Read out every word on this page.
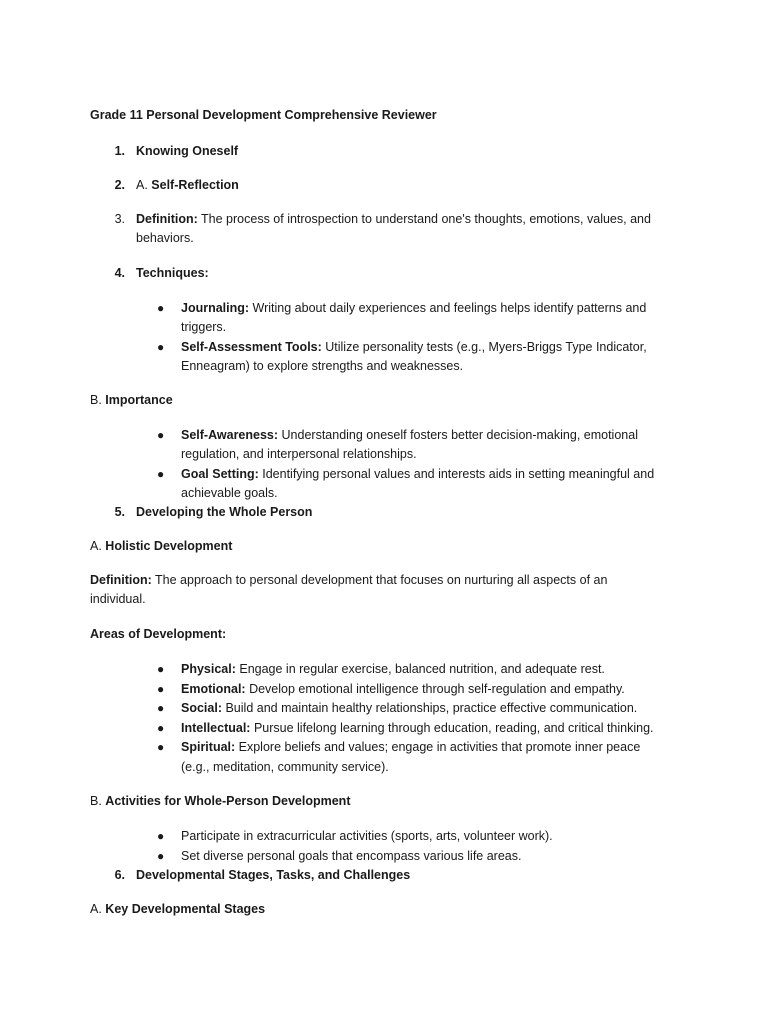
Grade 11 Personal Development Comprehensive Reviewer
1. Knowing Oneself
2. A. Self-Reflection
3. Definition: The process of introspection to understand one's thoughts, emotions, values, and
behaviors.
4. Techniques:
● Journaling: Writing about daily experiences and feelings helps identify patterns and
triggers.
● Self-Assessment Tools: Utilize personality tests (e.g., Myers-Briggs Type Indicator,
Enneagram) to explore strengths and weaknesses.
B. Importance
● Self-Awareness: Understanding oneself fosters better decision-making, emotional
regulation, and interpersonal relationships.
● Goal Setting: Identifying personal values and interests aids in setting meaningful and
achievable goals.
5. Developing the Whole Person
A. Holistic Development
Definition: The approach to personal development that focuses on nurturing all aspects of an
individual.
Areas of Development:
● Physical: Engage in regular exercise, balanced nutrition, and adequate rest.
● Emotional: Develop emotional intelligence through self-regulation and empathy.
● Social: Build and maintain healthy relationships, practice effective communication.
● Intellectual: Pursue lifelong learning through education, reading, and critical thinking.
● Spiritual: Explore beliefs and values; engage in activities that promote inner peace
(e.g., meditation, community service).
B. Activities for Whole-Person Development
● Participate in extracurricular activities (sports, arts, volunteer work).
● Set diverse personal goals that encompass various life areas.
6. Developmental Stages, Tasks, and Challenges
A. Key Developmental Stages
